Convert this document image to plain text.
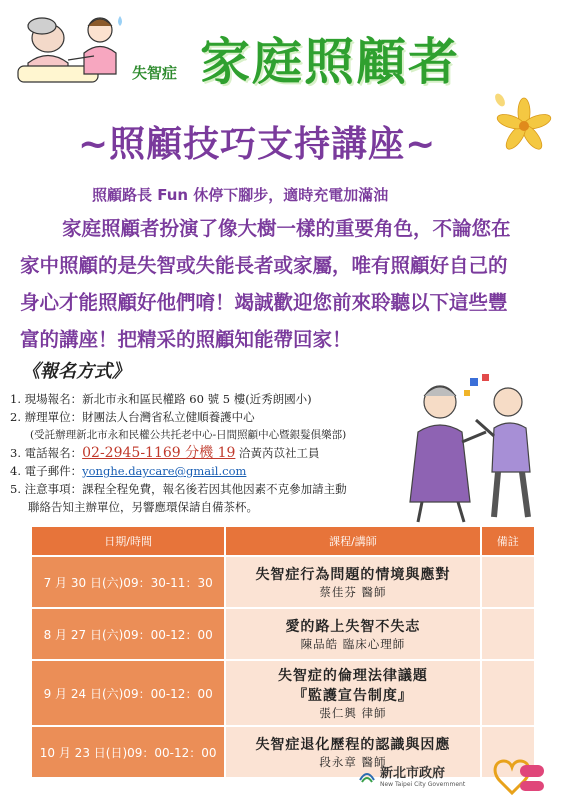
失智症 家庭照顧者
~照顧技巧支持講座~
照顧路長 Fun 休停下腳步，適時充電加滿油
家庭照顧者扮演了像大樹一樣的重要角色，不論您在
家中照顧的是失智或失能長者或家屬，唯有照顧好自己的
身心才能照顧好他們唷！竭誠歡迎您前來聆聽以下這些豐
富的講座！把精采的照顧知能帶回家！
《報名方式》
1. 現場報名：新北市永和區民權路 60 號 5 樓(近秀朗國小)
2. 辦理單位：財團法人台灣省私立健順養護中心
(受託辦理新北市永和民權公共托老中心-日間照顧中心暨銀髮俱樂部)
3. 電話報名：02-2945-1169 分機 19 洽黃芮苡社工員
4. 電子郵件：yonghe.daycare@gmail.com
5. 注意事項：課程全程免費，報名後若因其他因素不克參加請主動
聯絡告知主辦單位，另響應環保請自備茶杯。
日期/時間	課程/講師	備註
7 月 30 日(六)09：30-11：30	失智症行為問題的情境與應對
蔡佳芬 醫師	

8 月 27 日(六)09：00-12：00	愛的路上失智不失志
陳品皓 臨床心理師	

9 月 24 日(六)09：00-12：00	失智症的倫理法律議題
『監護宣告制度』
張仁興 律師	

10 月 23 日(日)09：00-12：00	失智症退化歷程的認識與因應
段永章 醫師	

新北市政府
New Taipei City Government
